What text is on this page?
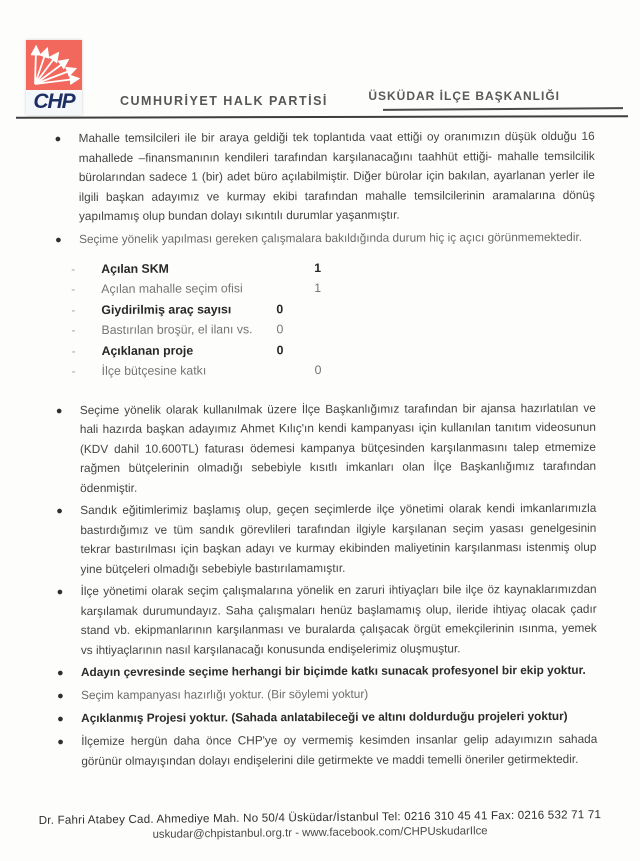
CHP	CUMHURİYET HALK PARTİSİ	ÜSKÜDAR İLÇE BAŞKANLIĞI
●	Mahalle temsilcileri ile bir araya geldiği tek toplantıda vaat ettiği oy oranımızın düşük olduğu 16 mahallede –finansmanının kendileri tarafından karşılanacağını taahhüt ettiği- mahalle temsilcilik bürolarından sadece 1 (bir) adet büro açılabilmiştir. Diğer bürolar için bakılan, ayarlanan yerler ile ilgili başkan adayımız ve kurmay ekibi tarafından mahalle temsilcilerinin aramalarına dönüş yapılmamış olup bundan dolayı sıkıntılı durumlar yaşanmıştır.

●	Seçime yönelik yapılması gereken çalışmalara bakıldığında durum hiç iç açıcı görünmemektedir.

-	Açılan SKM	1
-	Açılan mahalle seçim ofisi	1
-	Giydirilmiş araç sayısı	0
-	Bastırılan broşür, el ilanı vs. 0
-	Açıklanan proje	0
-	İlçe bütçesine katkı	0
●	Seçime yönelik olarak kullanılmak üzere İlçe Başkanlığımız tarafından bir ajansa hazırlatılan ve hali hazırda başkan adayımız Ahmet Kılıç'ın kendi kampanyası için kullanılan tanıtım videosunun (KDV dahil 10.600TL) faturası ödemesi kampanya bütçesinden karşılanmasını talep etmemize rağmen bütçelerinin olmadığı sebebiyle kısıtlı imkanları olan İlçe Başkanlığımız tarafından ödenmiştir.

●	Sandık eğitimlerimiz başlamış olup, geçen seçimlerde ilçe yönetimi olarak kendi imkanlarımızla bastırdığımız ve tüm sandık görevlileri tarafından ilgiyle karşılanan seçim yasası genelgesinin tekrar bastırılması için başkan adayı ve kurmay ekibinden maliyetinin karşılanması istenmiş olup yine bütçeleri olmadığı sebebiyle bastırılamamıştır.

●	İlçe yönetimi olarak seçim çalışmalarına yönelik en zaruri ihtiyaçları bile ilçe öz kaynaklarımızdan karşılamak durumundayız. Saha çalışmaları henüz başlamamış olup, ileride ihtiyaç olacak çadır stand vb. ekipmanlarının karşılanması ve buralarda çalışacak örgüt emekçilerinin ısınma, yemek vs ihtiyaçlarının nasıl karşılanacağı konusunda endişelerimiz oluşmuştur.

●	Adayın çevresinde seçime herhangi bir biçimde katkı sunacak profesyonel bir ekip yoktur.

●	Seçim kampanyası hazırlığı yoktur. (Bir söylemi yoktur)

●	Açıklanmış Projesi yoktur. (Sahada anlatabileceği ve altını doldurduğu projeleri yoktur)

●	İlçemize hergün daha önce CHP'ye oy vermemiş kesimden insanlar gelip adayımızın sahada görünür olmayışından dolayı endişelerini dile getirmekte ve maddi temelli öneriler getirmektedir.

Dr. Fahri Atabey Cad. Ahmediye Mah. No 50/4 Üsküdar/İstanbul Tel: 0216 310 45 41 Fax: 0216 532 71 71
uskudar@chpistanbul.org.tr - www.facebook.com/CHPUskudarIlce
